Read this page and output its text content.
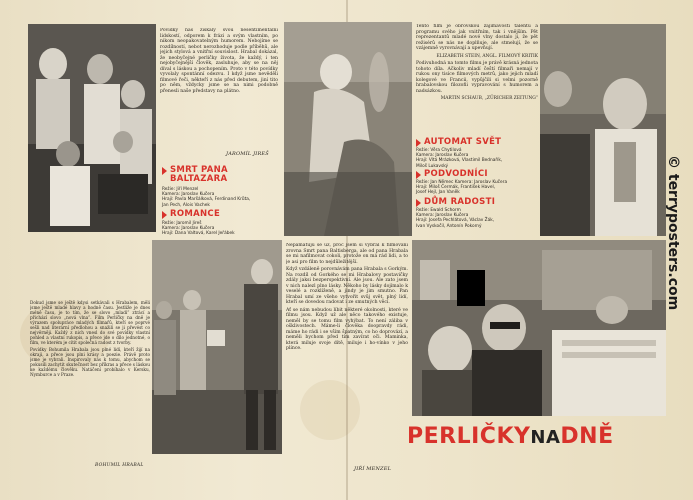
Povídky nás získaly svou nesentimentální lidskostí, odporem k frázi a svým vlastním, po nikom neopakovatelným humorem. Nebojíme se rozdílností, nebot nerozhoduje podle příběhů, ale jejich stylová a vnitřní souvislost. Hrabal dokázal, že neobyčejné perličky života, že každý, i ten nejobyčejnější člověk, zasluhuje, aby se na něj díval s láskou a pochopením. Proto v této povídky vyvolaly spontánní odezvu. I když jsme nevěděli filmové řeči, někteří z nás před debutem, jiní tito po něm, vždycky jsme se na nimi podobně přenesli naše představy na plátno.

JAROMÍL JIREŠ
SMRT PANA
BALTAZARA
Režie: Jiří Menzel
Kamera: Jaroslav Kučera
Hrají: Pavla Maršálková, Ferdinand Krůta,
Jan Pech, Alois Vachek
ROMANCE
Režie: Jaromil Jireš
Kamera: Jaroslav Kučera
Hrají: Dana Valtová, Karel Jeřábek

Tento film je obrovskou zajímavostí talentu a programu svého jak vnitřním, tak i vnějším. Pět reprezentantů mladé nové vlny dostalo ji, že pět režisérů se nás ne doplňuje, ale stmelují, že se vzájemně vyrovnávají a upevňují.

ELIZABETH STEIN, ANGL. FILMOVÝ KRITIK

Podivuhodná na tomto filmu je právě krásná jednota tohoto díla. Ačkoliv mladí čeští filmaři nemají v rukou ony tisíce filmových metrů, jako jejich mladí kolegové ve Francii, vypůjčili si velmi pozorně hrabalovskou filozofii vypravování s humorem a nadsázkou.

MARTIN SCHAUB, „ZÜRICHER ZEITUNG“

AUTOMAT SVĚT
Režie: Věra Chytilová
Kamera: Jaroslav Kučera
Hrají: Vítá Mrázková, Vlastimil Bednařík,
Miloš Lukavský
PODVODNÍCI
Režie: Jan Němec Kamera: Jaroslav Kučera
Hrají: Miloš Čermák, František Havel,
Josef Hejl, Jan Vaněk
DŮM RADOSTI
Režie: Ewald Schorm
Kamera: Jaroslav Kučera
Hrají: Josefa Pechlátová, Václav Žák,
Ivan Vyskočil, Antonín Pokorný

Dokud jsme se ještě kdysi setkávali s Hrabalem, měli jsme ještě mladé hlavy a hodně času. Jestliže je dnes méně času, je to tím, že se slovo „mladí“ ztrácí a přichází slovo „nová vlna“. Film Perličky na dně je výrazem spolupráce mladých filmařů, kteří se poprvé sešli nad literární předlohou a snažili se ji převést co nejvěrněji. Každý z nich vnesl do své povídky vlastní pohled a vlastní rukopis, a přece jde o dílo jednotné, o film, ve kterém je cítit společná radost z tvorby.

Povídky Bohumila Hrabala jsou plné lidí, kteří žijí na okraji, a přece jsou plni krásy a poezie. Právě proto jsme je vybrali. Inspirovaly nás k tomu, abychom se pokusili zachytit skutečnost bez příkras a přece s láskou ke každému člověku. Natáčení probíhalo v Kersku, Nymburce a v Praze.

BOHUMIL HRABAL

Nepamatuju se už, proč jsem si vybral k filmování zrovna Smrt pana Baltisberga, ale od pana Hrabala se mi nafilmovat cokoli, protože on má rád lidi, a to je asi pro film to nejdůležitější.

Když vzdáleně porovnávám pana Hrabala s Gorkým. Na rozdíl od Gorkého se mi Hrabalovy postavičky zdály jaksi bezperspektivní. Ale jsou. Ale zato jsem v nich nalezl plno lásky. Někoho by lásky dojímalo k veselé a rozklíženě, a jindy je jim smutno. Pan Hrabal umí ze všeho vytvořit svůj svět, plný lidí, kteří se dovedou radovat i ze smutných věcí.

Ať se nám nebudou líbit některé okolnosti, které ve filmu jsou. Když už ale něco takového existuje, neměl by se tomu film vyhýbat. To není záliba v ošklivostech. Máme-li člověka doopravdy rádi, máme ho rádi i se vším špatným, co ho doprovází, a neměli bychom před tím zavírat oči. Maminka, která miluje svoje dítě, miluje i ho-vínko v jeho plínce.

JIŘÍ MENZEL
PERLIČKYNADNĚ
© terryposters.com
